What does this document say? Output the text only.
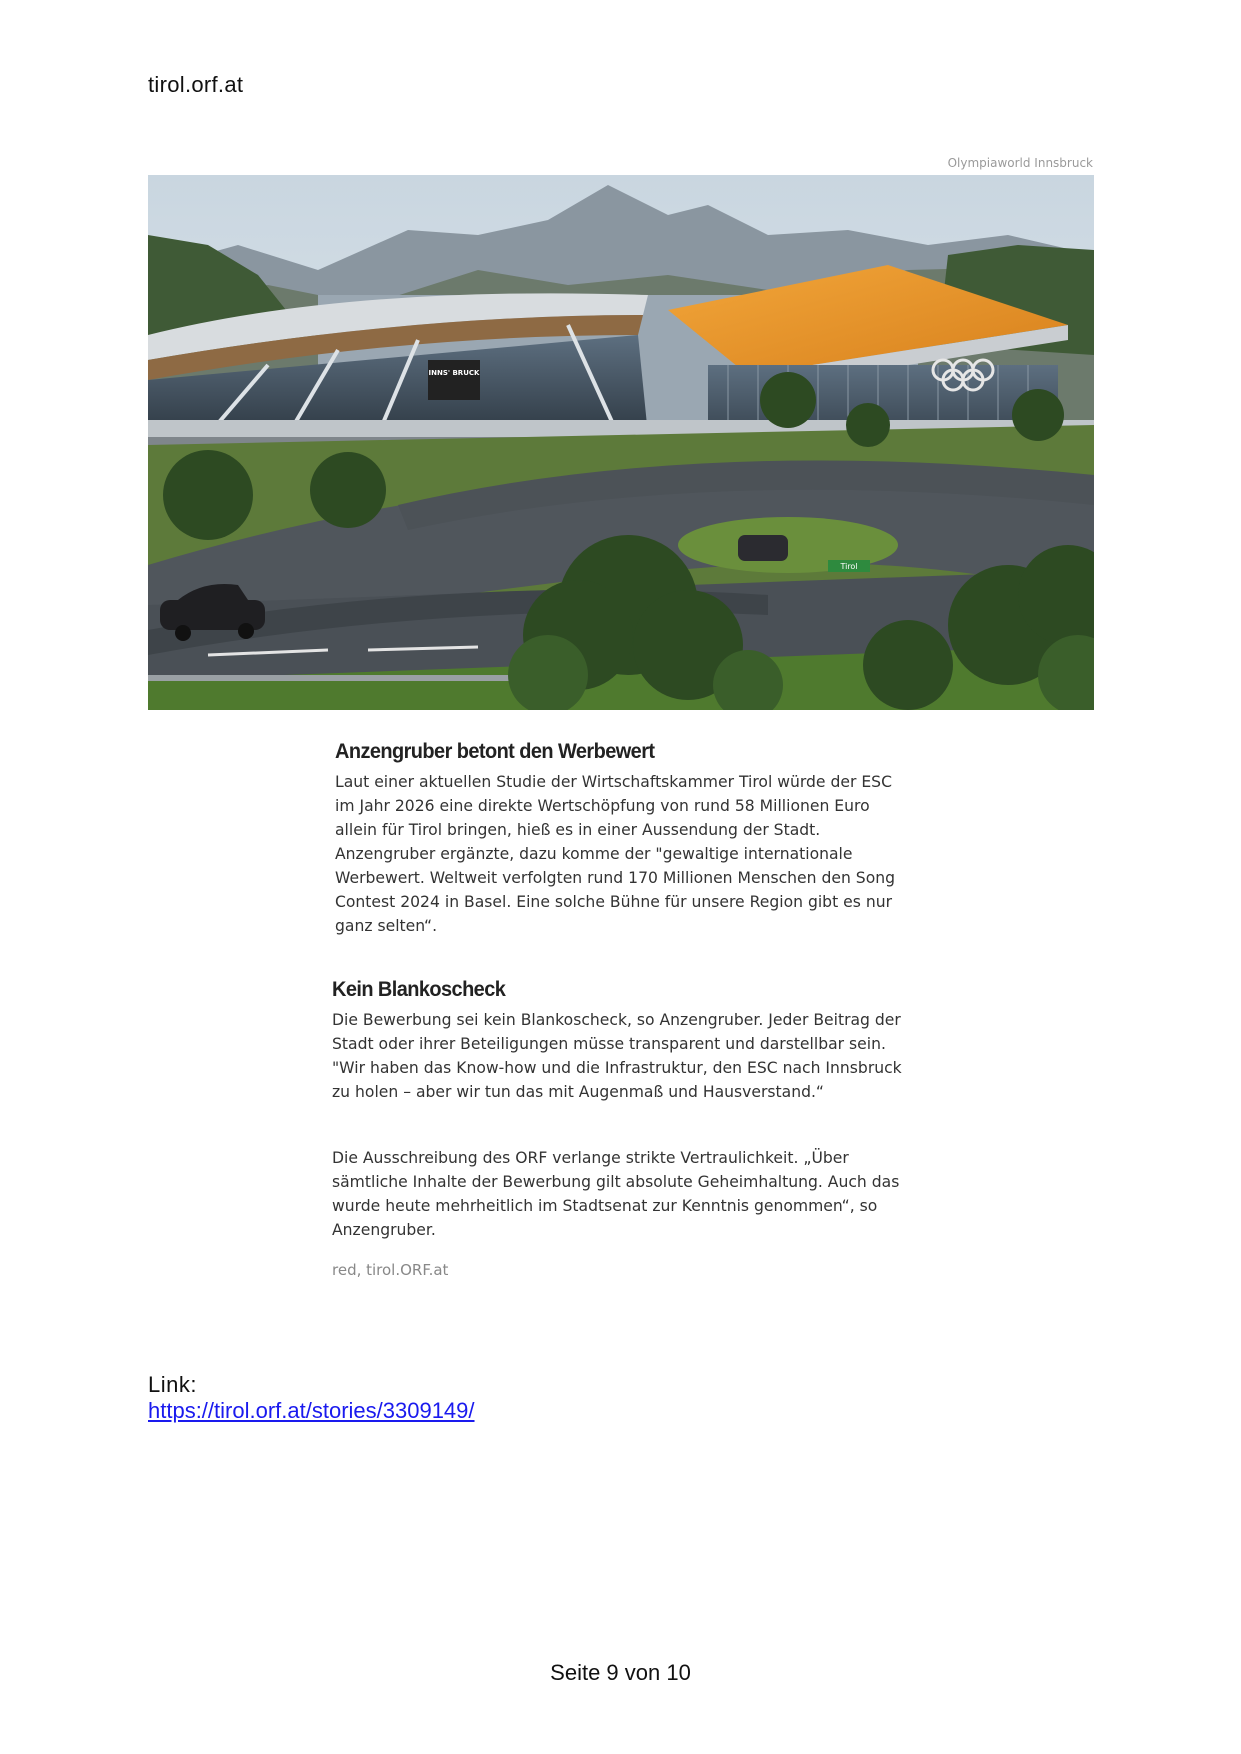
tirol.orf.at
Olympiaworld Innsbruck
INNS' BRUCK
Tirol
Anzengruber betont den Werbewert

Laut einer aktuellen Studie der Wirtschaftskammer Tirol würde der ESC im Jahr 2026 eine direkte Wertschöpfung von rund 58 Millionen Euro allein für Tirol bringen, hieß es in einer Aussendung der Stadt. Anzengruber ergänzte, dazu komme der "gewaltige internationale Werbewert. Weltweit verfolgten rund 170 Millionen Menschen den Song Contest 2024 in Basel. Eine solche Bühne für unsere Region gibt es nur ganz selten“.

Kein Blankoscheck

Die Bewerbung sei kein Blankoscheck, so Anzengruber. Jeder Beitrag der Stadt oder ihrer Beteiligungen müsse transparent und darstellbar sein. "Wir haben das Know-how und die Infrastruktur, den ESC nach Innsbruck zu holen – aber wir tun das mit Augenmaß und Hausverstand.“

Die Ausschreibung des ORF verlange strikte Vertraulichkeit. „Über sämtliche Inhalte der Bewerbung gilt absolute Geheimhaltung. Auch das wurde heute mehrheitlich im Stadtsenat zur Kenntnis genommen“, so Anzengruber.

red, tirol.ORF.at
Link:
https://tirol.orf.at/stories/3309149/
Seite 9 von 10
